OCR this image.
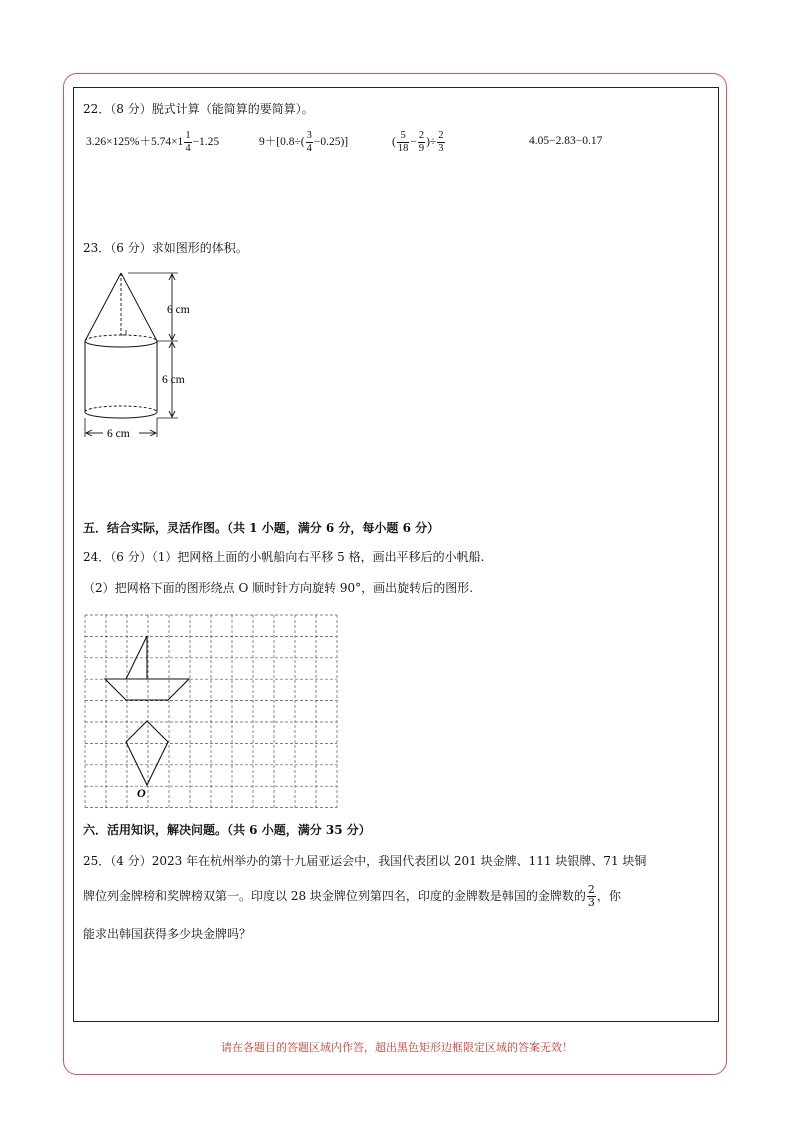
22．（8 分）脱式计算（能简算的要简算）。
$3.26\times 125\%+5.74\times 1 \frac{1}{4} -1.25$	$9+[0.8\div( \frac{3}{4} -0.25)]$	( $\frac{5}{18} - \frac{2}{9}$ )÷ $\frac{2}{3}$	4.05−2.83−0.17
23．（6 分）求如图形的体积。
6 cm
6 cm
6 cm
五．结合实际，灵活作图。（共 1 小题，满分 6 分，每小题 6 分）
24．（6 分）（1）把网格上面的小帆船向右平移 5 格，画出平移后的小帆船.
（2）把网格下面的图形绕点 O 顺时针方向旋转 90°，画出旋转后的图形.
O
六．活用知识，解决问题。（共 6 小题，满分 35 分）
25．（4 分）2023 年在杭州举办的第十九届亚运会中，我国代表团以 201 块金牌、111 块银牌、71 块铜
牌位列金牌榜和奖牌榜双第一。印度以 28 块金牌位列第四名，印度的金牌数是韩国的金牌数的 $\frac{2}{3}$ ，你
能求出韩国获得多少块金牌吗？
请在各题目的答题区域内作答，超出黑色矩形边框限定区域的答案无效！
